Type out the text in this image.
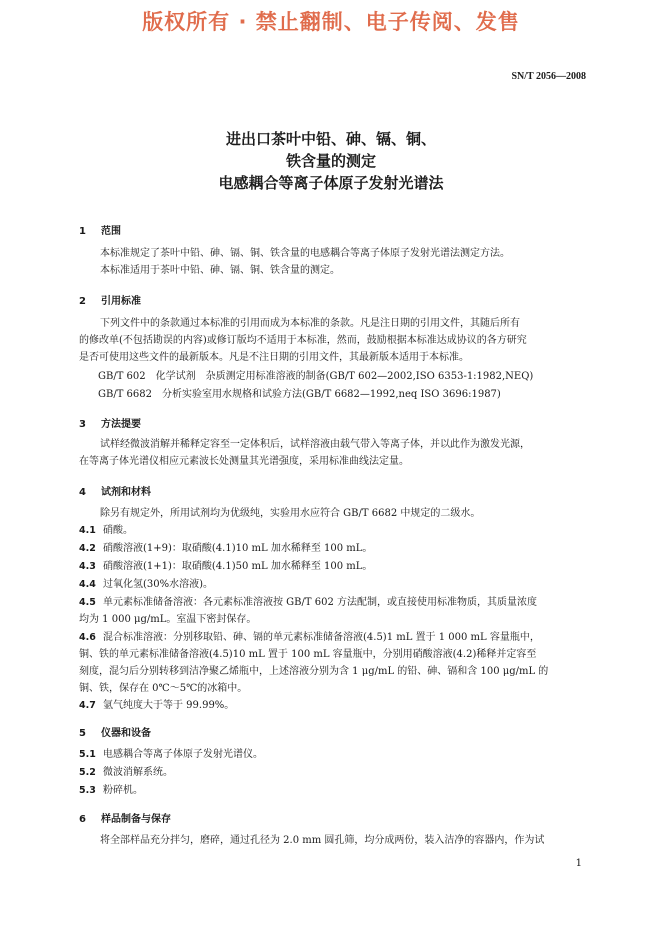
版权所有 · 禁止翻制、电子传阅、发售
SN/T 2056—2008
进出口茶叶中铅、砷、镉、铜、
铁含量的测定
电感耦合等离子体原子发射光谱法
1 范围
本标准规定了茶叶中铅、砷、镉、铜、铁含量的电感耦合等离子体原子发射光谱法测定方法。
本标准适用于茶叶中铅、砷、镉、铜、铁含量的测定。
2 引用标准
下列文件中的条款通过本标准的引用而成为本标准的条款。凡是注日期的引用文件，其随后所有
的修改单(不包括勘误的内容)或修订版均不适用于本标准，然而，鼓励根据本标准达成协议的各方研究
是否可使用这些文件的最新版本。凡是不注日期的引用文件，其最新版本适用于本标准。
GB/T 602　化学试剂　杂质测定用标准溶液的制备(GB/T 602—2002,ISO 6353-1:1982,NEQ)
GB/T 6682　分析实验室用水规格和试验方法(GB/T 6682—1992,neq ISO 3696:1987)
3 方法提要
试样经微波消解并稀释定容至一定体积后，试样溶液由载气带入等离子体，并以此作为激发光源，
在等离子体光谱仪相应元素波长处测量其光谱强度，采用标准曲线法定量。
4 试剂和材料
除另有规定外，所用试剂均为优级纯，实验用水应符合 GB/T 6682 中规定的二级水。
4.1 硝酸。
4.2 硝酸溶液(1+9)：取硝酸(4.1)10 mL 加水稀释至 100 mL。
4.3 硝酸溶液(1+1)：取硝酸(4.1)50 mL 加水稀释至 100 mL。
4.4 过氧化氢(30%水溶液)。
4.5 单元素标准储备溶液：各元素标准溶液按 GB/T 602 方法配制，或直接使用标准物质，其质量浓度
均为 1 000 μg/mL。室温下密封保存。
4.6 混合标准溶液：分别移取铅、砷、镉的单元素标准储备溶液(4.5)1 mL 置于 1 000 mL 容量瓶中，
铜、铁的单元素标准储备溶液(4.5)10 mL 置于 100 mL 容量瓶中，分别用硝酸溶液(4.2)稀释并定容至
刻度，混匀后分别转移到洁净聚乙烯瓶中，上述溶液分别为含 1 μg/mL 的铅、砷、镉和含 100 μg/mL 的
铜、铁，保存在 0℃～5℃的冰箱中。
4.7 氩气纯度大于等于 99.99%。
5 仪器和设备
5.1 电感耦合等离子体原子发射光谱仪。
5.2 微波消解系统。
5.3 粉碎机。
6 样品制备与保存
将全部样品充分拌匀，磨碎，通过孔径为 2.0 mm 圆孔筛，均分成两份，装入洁净的容器内，作为试
1
